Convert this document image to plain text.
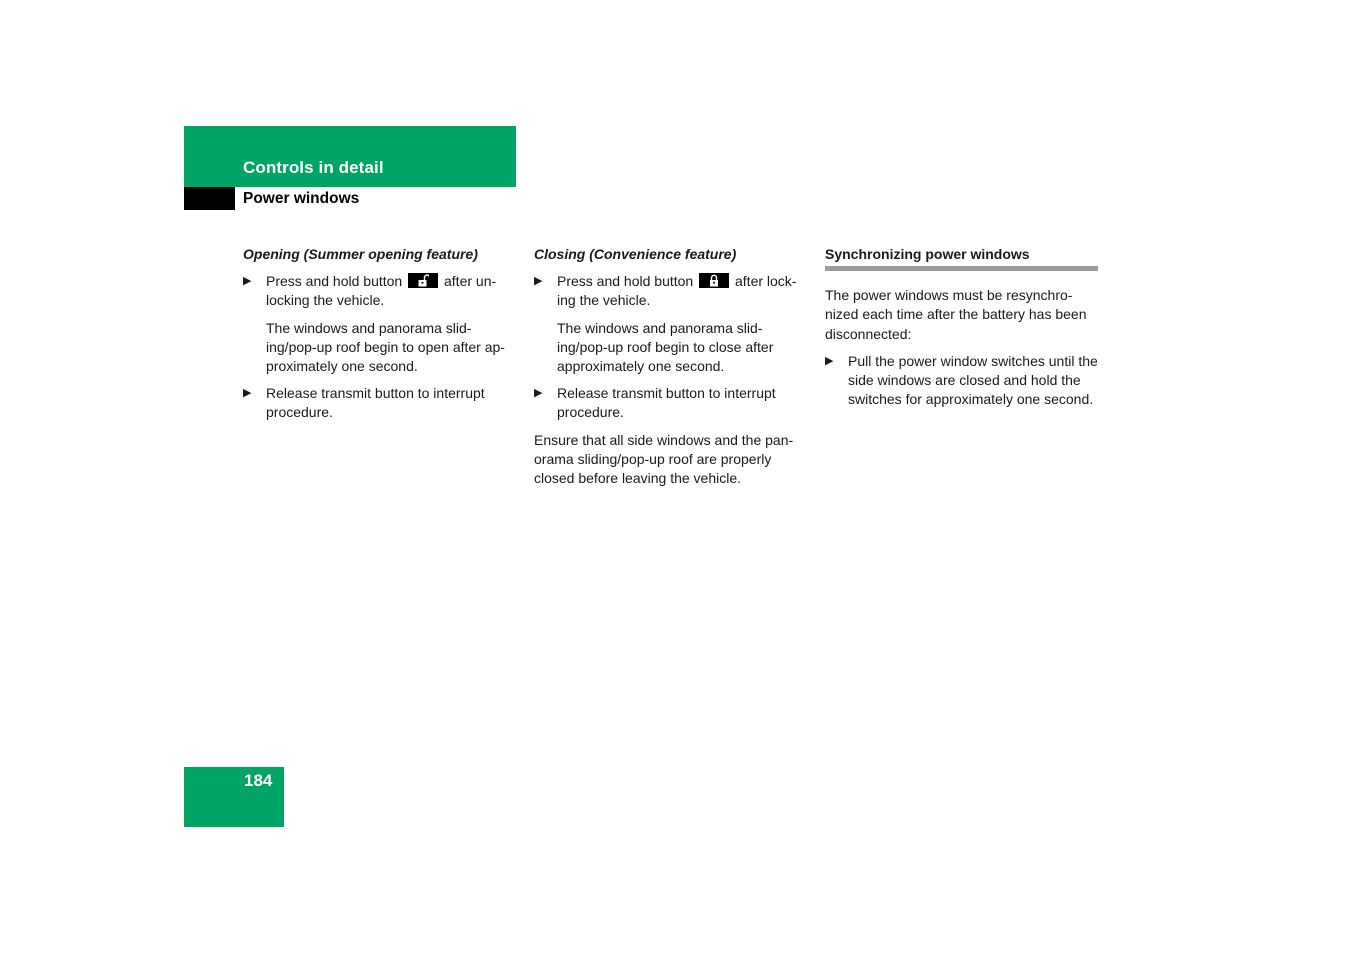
Controls in detail
Power windows

Opening (Summer opening feature)

▶ Press and hold button	after un-locking the vehicle.

The windows and panorama slid-ing/pop-up roof begin to open after ap-proximately one second.

▶ Release transmit button to interrupt procedure.

Closing (Convenience feature)

▶ Press and hold button	after lock-ing the vehicle.

The windows and panorama slid-ing/pop-up roof begin to close after approximately one second.

▶ Release transmit button to interrupt procedure.

Ensure that all side windows and the pan-orama sliding/pop-up roof are properly closed before leaving the vehicle.

Synchronizing power windows

The power windows must be resynchro-nized each time after the battery has been disconnected:

▶ Pull the power window switches until the side windows are closed and hold the switches for approximately one second.
184
